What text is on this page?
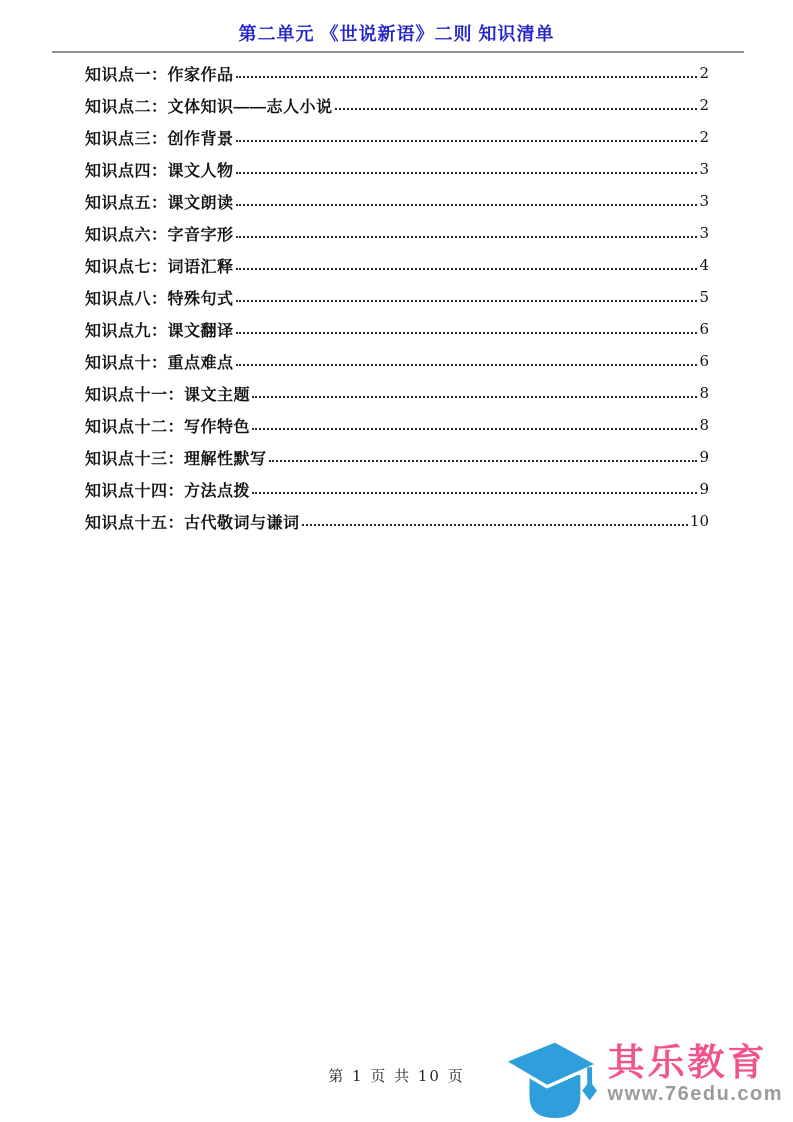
第二单元 《世说新语》二则 知识清单
知识点一：作家作品	2
知识点二：文体知识——志人小说	2
知识点三：创作背景	2
知识点四：课文人物	3
知识点五：课文朗读	3
知识点六：字音字形	3
知识点七：词语汇释	4
知识点八：特殊句式	5
知识点九：课文翻译	6
知识点十：重点难点	6
知识点十一：课文主题	8
知识点十二：写作特色	8
知识点十三：理解性默写	9
知识点十四：方法点拨	9
知识点十五：古代敬词与谦词	10
第 1 页 共 10 页	其乐教育
www.76edu.com
